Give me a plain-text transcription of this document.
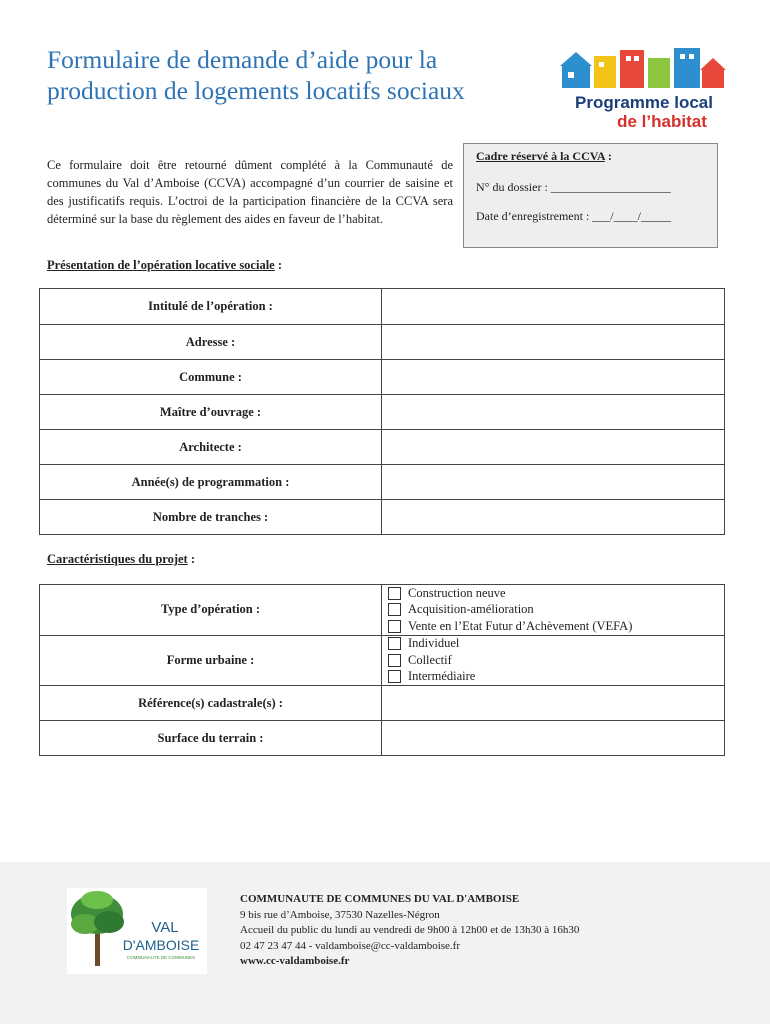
Formulaire de demande d’aide pour la production de logements locatifs sociaux	Programme local
de l’habitat
Ce formulaire doit être retourné dûment complété à la Communauté de communes du Val d’Amboise (CCVA) accompagné d’un courrier de saisine et des justificatifs requis. L’octroi de la participation financière de la CCVA sera déterminé sur la base du règlement des aides en faveur de l’habitat.
Cadre réservé à la CCVA :
N° du dossier : ____________________
Date d’enregistrement : ___/____/_____
Présentation de l’opération locative sociale :
Intitulé de l’opération :	
Adresse :	
Commune :	
Maître d’ouvrage :	
Architecte :	
Année(s) de programmation :	
Nombre de tranches :	
Caractéristiques du projet :
Type d’opération :	Construction neuve
Acquisition-amélioration
Vente en l’Etat Futur d’Achèvement (VEFA)

Forme urbaine :	Individuel
Collectif
Intermédiaire

Référence(s) cadastrale(s) :	
Surface du terrain :	
VAL
D'AMBOISE
COMMUNAUTE DE COMMUNES
COMMUNAUTE DE COMMUNES DU VAL D'AMBOISE
9 bis rue d’Amboise, 37530 Nazelles-Négron
Accueil du public du lundi au vendredi de 9h00 à 12h00 et de 13h30 à 16h30
02 47 23 47 44 - valdamboise@cc-valdamboise.fr
www.cc-valdamboise.fr
